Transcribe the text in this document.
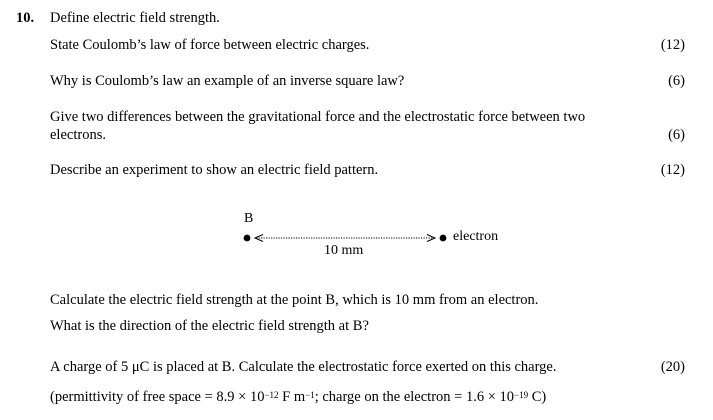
10. Define electric field strength.
State Coulomb’s law of force between electric charges.	(12)
Why is Coulomb’s law an example of an inverse square law?	(6)
Give two differences between the gravitational force and the electrostatic force between two
electrons.	(6)
Describe an experiment to show an electric field pattern.	(12)
B
electron
10 mm
Calculate the electric field strength at the point B, which is 10 mm from an electron.
What is the direction of the electric field strength at B?
A charge of 5 μC is placed at B. Calculate the electrostatic force exerted on this charge.	(20)
(permittivity of free space = $8.9 \times 10^{-12}$ F $m^{-1}$; charge on the electron = $1.6 \times 10^{-19}$ C)
